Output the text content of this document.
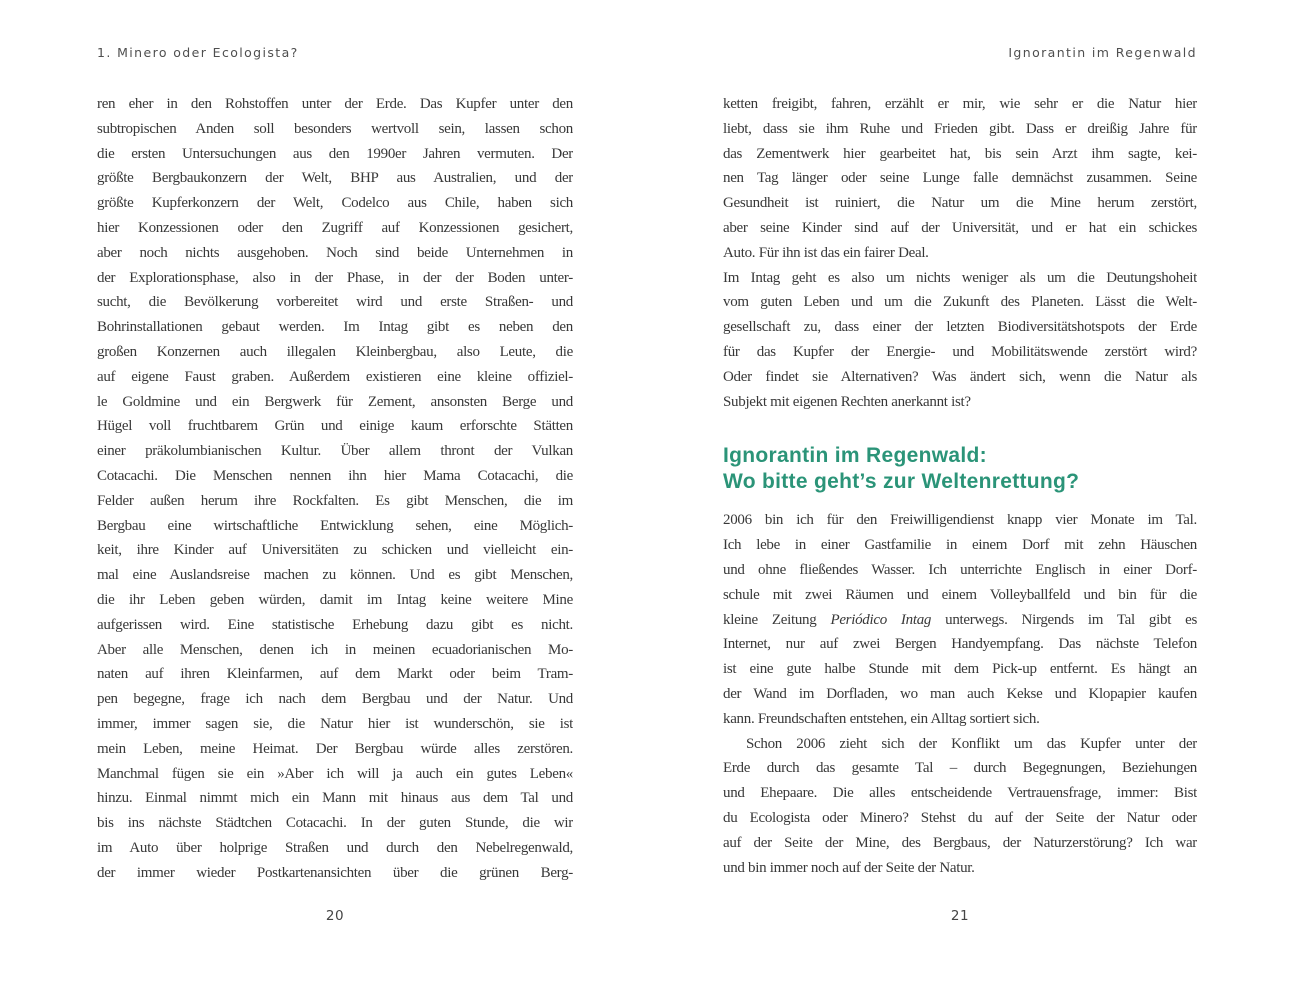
1. Minero oder Ecologista?	Ignorantin im Regenwald
ren eher in den Rohstoffen unter der Erde. Das Kupfer unter den
subtropischen Anden soll besonders wertvoll sein, lassen schon
die ersten Untersuchungen aus den 1990er Jahren vermuten. Der
größte Bergbaukonzern der Welt, BHP aus Australien, und der
größte Kupferkonzern der Welt, Codelco aus Chile, haben sich
hier Konzessionen oder den Zugriff auf Konzessionen gesichert,
aber noch nichts ausgehoben. Noch sind beide Unternehmen in
der Explorationsphase, also in der Phase, in der der Boden unter-
sucht, die Bevölkerung vorbereitet wird und erste Straßen- und
Bohrinstallationen gebaut werden. Im Intag gibt es neben den
großen Konzernen auch illegalen Kleinbergbau, also Leute, die
auf eigene Faust graben. Außerdem existieren eine kleine offiziel-
le Goldmine und ein Bergwerk für Zement, ansonsten Berge und
Hügel voll fruchtbarem Grün und einige kaum erforschte Stätten
einer präkolumbianischen Kultur. Über allem thront der Vulkan
Cotacachi. Die Menschen nennen ihn hier Mama Cotacachi, die
Felder außen herum ihre Rockfalten. Es gibt Menschen, die im
Bergbau eine wirtschaftliche Entwicklung sehen, eine Möglich-
keit, ihre Kinder auf Universitäten zu schicken und vielleicht ein-
mal eine Auslandsreise machen zu können. Und es gibt Menschen,
die ihr Leben geben würden, damit im Intag keine weitere Mine
aufgerissen wird. Eine statistische Erhebung dazu gibt es nicht.
Aber alle Menschen, denen ich in meinen ecuadorianischen Mo-
naten auf ihren Kleinfarmen, auf dem Markt oder beim Tram-
pen begegne, frage ich nach dem Bergbau und der Natur. Und
immer, immer sagen sie, die Natur hier ist wunderschön, sie ist
mein Leben, meine Heimat. Der Bergbau würde alles zerstören.
Manchmal fügen sie ein »Aber ich will ja auch ein gutes Leben«
hinzu. Einmal nimmt mich ein Mann mit hinaus aus dem Tal und
bis ins nächste Städtchen Cotacachi. In der guten Stunde, die wir
im Auto über holprige Straßen und durch den Nebelregenwald,
der immer wieder Postkartenansichten über die grünen Berg-
ketten freigibt, fahren, erzählt er mir, wie sehr er die Natur hier
liebt, dass sie ihm Ruhe und Frieden gibt. Dass er dreißig Jahre für
das Zementwerk hier gearbeitet hat, bis sein Arzt ihm sagte, kei-
nen Tag länger oder seine Lunge falle demnächst zusammen. Seine
Gesundheit ist ruiniert, die Natur um die Mine herum zerstört,
aber seine Kinder sind auf der Universität, und er hat ein schickes
Auto. Für ihn ist das ein fairer Deal.
Im Intag geht es also um nichts weniger als um die Deutungshoheit
vom guten Leben und um die Zukunft des Planeten. Lässt die Welt-
gesellschaft zu, dass einer der letzten Biodiversitätshotspots der Erde
für das Kupfer der Energie- und Mobilitätswende zerstört wird?
Oder findet sie Alternativen? Was ändert sich, wenn die Natur als
Subjekt mit eigenen Rechten anerkannt ist?
Ignorantin im Regenwald:
Wo bitte geht’s zur Weltenrettung?
2006 bin ich für den Freiwilligendienst knapp vier Monate im Tal.
Ich lebe in einer Gastfamilie in einem Dorf mit zehn Häuschen
und ohne fließendes Wasser. Ich unterrichte Englisch in einer Dorf-
schule mit zwei Räumen und einem Volleyballfeld und bin für die
kleine Zeitung Periódico Intag unterwegs. Nirgends im Tal gibt es
Internet, nur auf zwei Bergen Handyempfang. Das nächste Telefon
ist eine gute halbe Stunde mit dem Pick-up entfernt. Es hängt an
der Wand im Dorfladen, wo man auch Kekse und Klopapier kaufen
kann. Freundschaften entstehen, ein Alltag sortiert sich.
Schon 2006 zieht sich der Konflikt um das Kupfer unter der
Erde durch das gesamte Tal – durch Begegnungen, Beziehungen
und Ehepaare. Die alles entscheidende Vertrauensfrage, immer: Bist
du Ecologista oder Minero? Stehst du auf der Seite der Natur oder
auf der Seite der Mine, des Bergbaus, der Naturzerstörung? Ich war
und bin immer noch auf der Seite der Natur.
20	21
